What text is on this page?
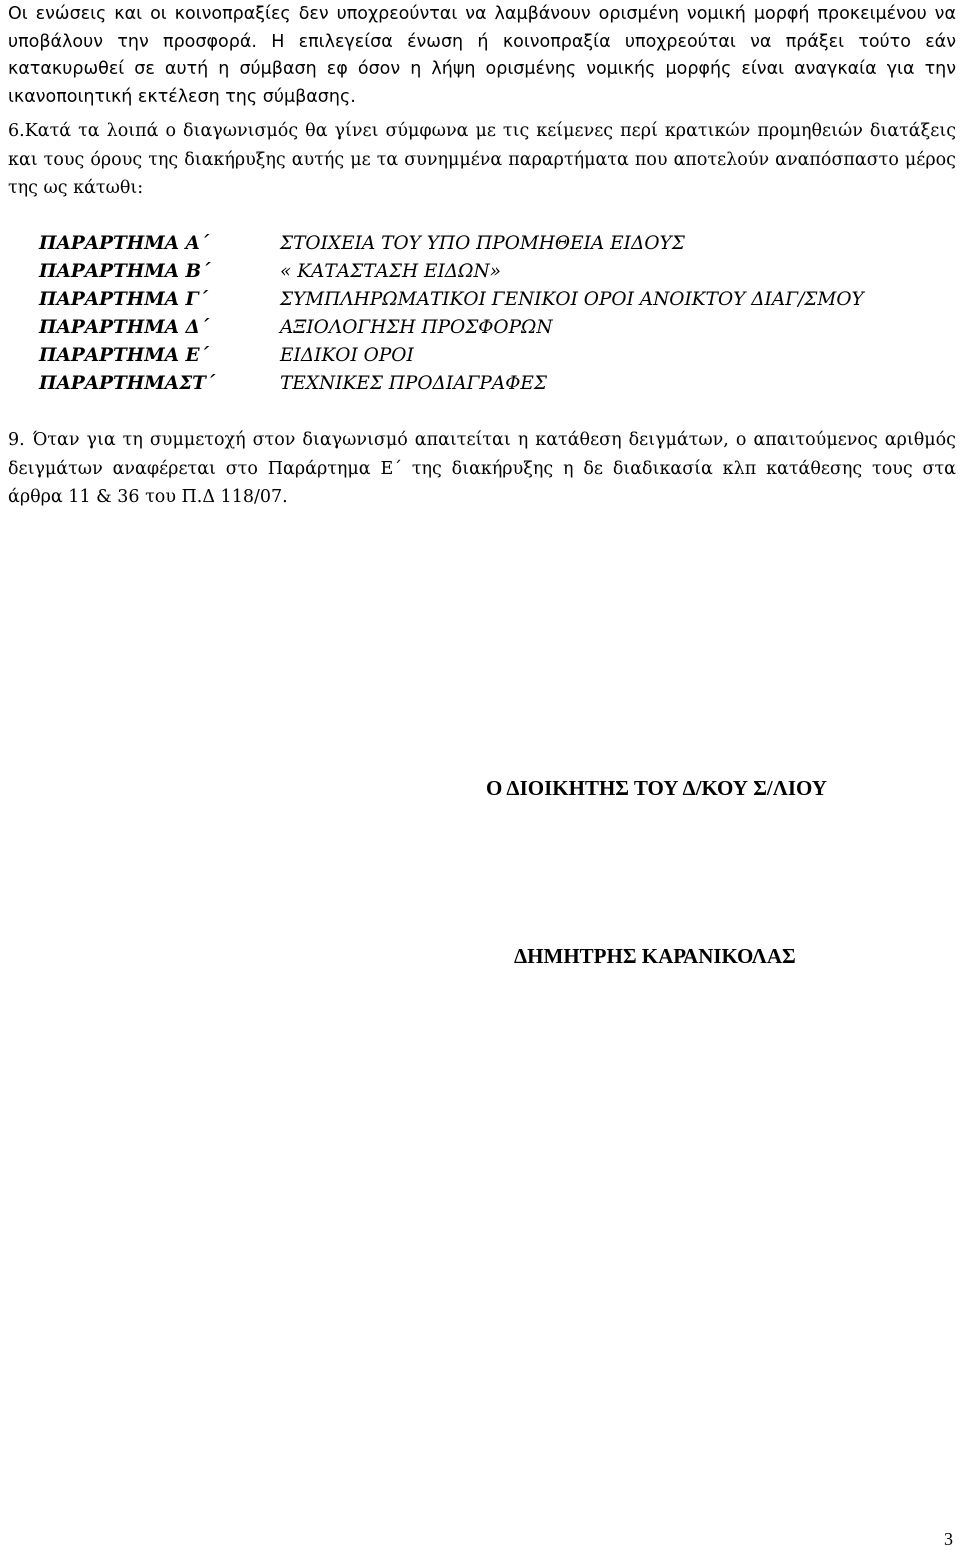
Οι ενώσεις και οι κοινοπραξίες δεν υποχρεούνται να λαμβάνουν ορισμένη νομική μορφή προκειμένου να υποβάλουν την προσφορά. Η επιλεγείσα ένωση ή κοινοπραξία υποχρεούται να πράξει τούτο εάν κατακυρωθεί σε αυτή η σύμβαση εφ όσον η λήψη ορισμένης νομικής μορφής είναι αναγκαία για την ικανοποιητική εκτέλεση της σύμβασης.

6.Κατά τα λοιπά ο διαγωνισμός θα γίνει σύμφωνα με τις κείμενες περί κρατικών προμηθειών διατάξεις και τους όρους της διακήρυξης αυτής με τα συνημμένα παραρτήματα που αποτελούν αναπόσπαστο μέρος της ως κάτωθι:

ΠΑΡΑΡΤΗΜΑ Α΄	ΣΤΟΙΧΕΙΑ ΤΟΥ ΥΠΟ ΠΡΟΜΗΘΕΙΑ ΕΙΔΟΥΣ
ΠΑΡΑΡΤΗΜΑ Β΄	« ΚΑΤΑΣΤΑΣΗ ΕΙΔΩΝ»
ΠΑΡΑΡΤΗΜΑ Γ΄	ΣΥΜΠΛΗΡΩΜΑΤΙΚΟΙ ΓΕΝΙΚΟΙ ΟΡΟΙ ΑΝΟΙΚΤΟΥ ΔΙΑΓ/ΣΜΟΥ
ΠΑΡΑΡΤΗΜΑ Δ΄	ΑΞΙΟΛΟΓΗΣΗ ΠΡΟΣΦΟΡΩΝ
ΠΑΡΑΡΤΗΜΑ Ε΄	ΕΙΔΙΚΟΙ ΟΡΟΙ
ΠΑΡΑΡΤΗΜΑΣΤ΄	ΤΕΧΝΙΚΕΣ ΠΡΟΔΙΑΓΡΑΦΕΣ

9. Όταν για τη συμμετοχή στον διαγωνισμό απαιτείται η κατάθεση δειγμάτων, ο απαιτούμενος αριθμός δειγμάτων αναφέρεται στο Παράρτημα Ε΄ της διακήρυξης η δε διαδικασία κλπ κατάθεσης τους στα άρθρα 11 & 36 του Π.Δ 118/07.

Ο ΔΙΟΙΚΗΤΗΣ ΤΟΥ Δ/ΚΟΥ Σ/ΛΙΟΥ
ΔΗΜΗΤΡΗΣ ΚΑΡΑΝΙΚΟΛΑΣ
3
